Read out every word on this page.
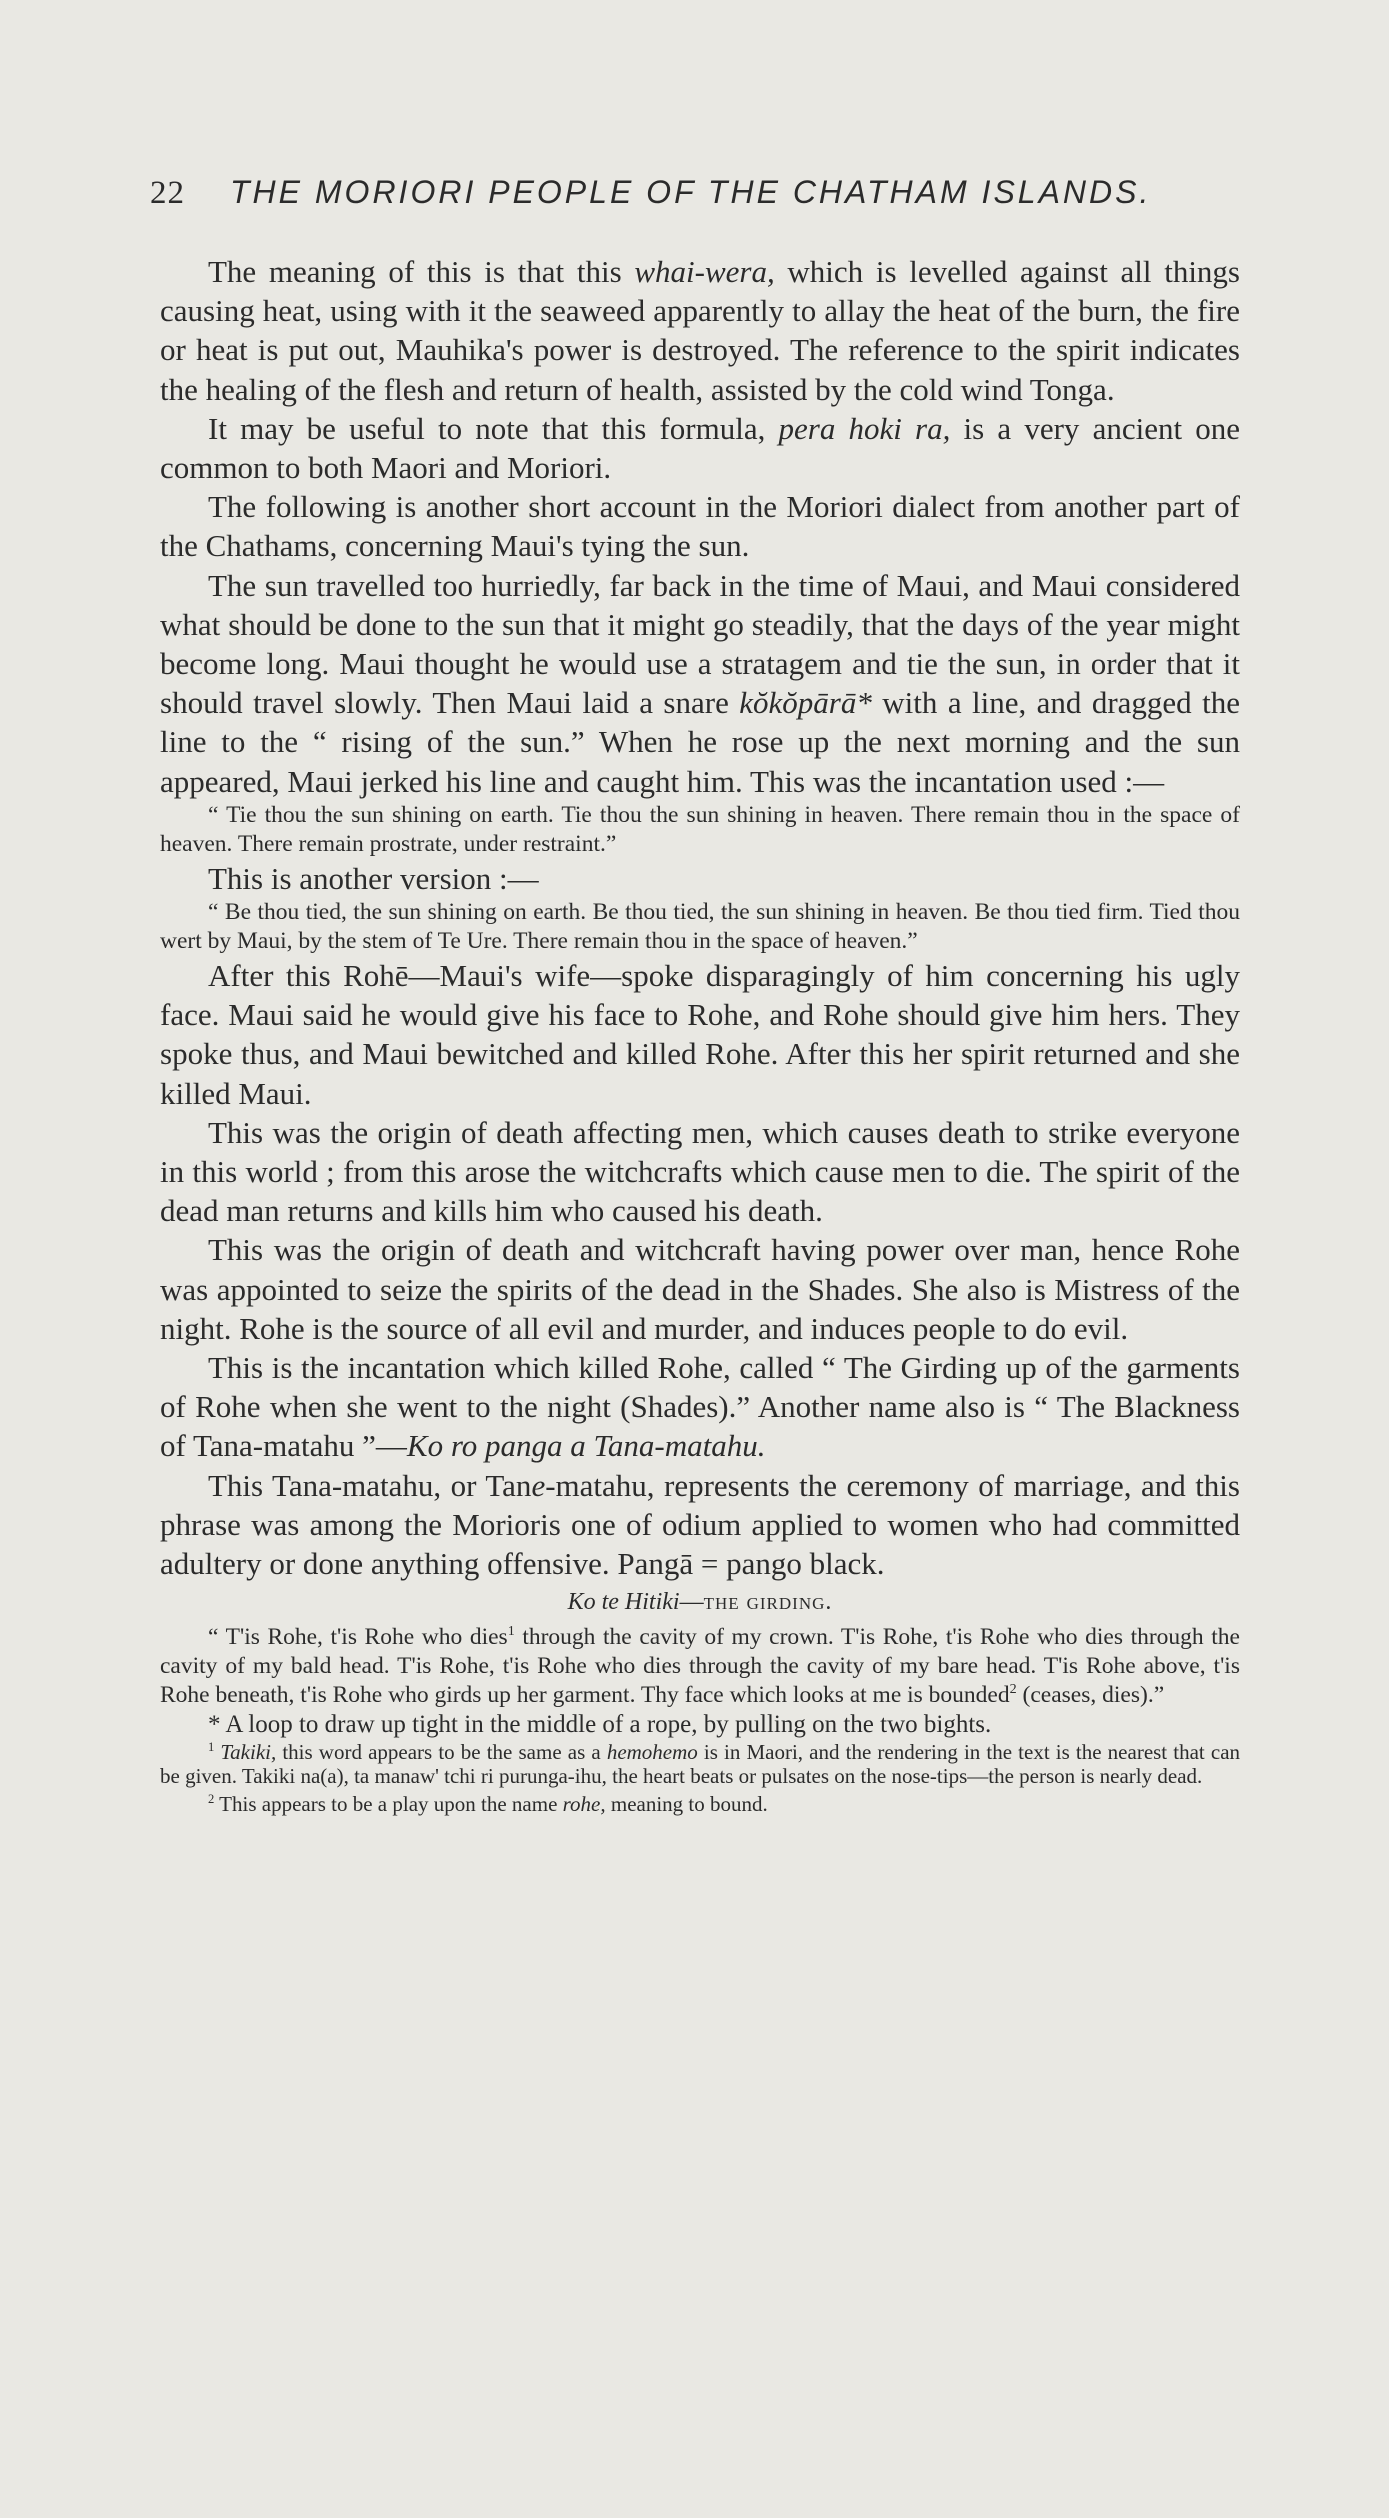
22 THE MORIORI PEOPLE OF THE CHATHAM ISLANDS.

The meaning of this is that this whai-wera, which is levelled against all things causing heat, using with it the seaweed apparently to allay the heat of the burn, the fire or heat is put out, Mauhika's power is destroyed. The reference to the spirit indicates the healing of the flesh and return of health, assisted by the cold wind Tonga.

It may be useful to note that this formula, pera hoki ra, is a very ancient one common to both Maori and Moriori.

The following is another short account in the Moriori dialect from another part of the Chathams, concerning Maui's tying the sun.

The sun travelled too hurriedly, far back in the time of Maui, and Maui considered what should be done to the sun that it might go steadily, that the days of the year might become long. Maui thought he would use a stratagem and tie the sun, in order that it should travel slowly. Then Maui laid a snare kŏkŏpārā* with a line, and dragged the line to the “ rising of the sun.” When he rose up the next morning and the sun appeared, Maui jerked his line and caught him. This was the incantation used :—

“ Tie thou the sun shining on earth. Tie thou the sun shining in heaven. There remain thou in the space of heaven. There remain prostrate, under restraint.”

This is another version :—

“ Be thou tied, the sun shining on earth. Be thou tied, the sun shining in heaven. Be thou tied firm. Tied thou wert by Maui, by the stem of Te Ure. There remain thou in the space of heaven.”

After this Rohē—Maui's wife—spoke disparagingly of him concerning his ugly face. Maui said he would give his face to Rohe, and Rohe should give him hers. They spoke thus, and Maui bewitched and killed Rohe. After this her spirit returned and she killed Maui.

This was the origin of death affecting men, which causes death to strike everyone in this world ; from this arose the witchcrafts which cause men to die. The spirit of the dead man returns and kills him who caused his death.

This was the origin of death and witchcraft having power over man, hence Rohe was appointed to seize the spirits of the dead in the Shades. She also is Mistress of the night. Rohe is the source of all evil and murder, and induces people to do evil.

This is the incantation which killed Rohe, called “ The Girding up of the garments of Rohe when she went to the night (Shades).” Another name also is “ The Blackness of Tana-matahu ”—Ko ro panga a Tana-matahu.

This Tana-matahu, or Tane-matahu, represents the ceremony of marriage, and this phrase was among the Morioris one of odium applied to women who had committed adultery or done anything offensive. Pangā = pango black.

Ko te Hitiki—the girding.

“ T'is Rohe, t'is Rohe who dies$^1$ through the cavity of my crown. T'is Rohe, t'is Rohe who dies through the cavity of my bald head. T'is Rohe, t'is Rohe who dies through the cavity of my bare head. T'is Rohe above, t'is Rohe beneath, t'is Rohe who girds up her garment. Thy face which looks at me is bounded$^2$ (ceases, dies).”

* A loop to draw up tight in the middle of a rope, by pulling on the two bights.

$^1$ Takiki, this word appears to be the same as a hemohemo is in Maori, and the rendering in the text is the nearest that can be given. Takiki na(a), ta manaw' tchi ri purunga-ihu, the heart beats or pulsates on the nose-tips—the person is nearly dead.

$^2$ This appears to be a play upon the name rohe, meaning to bound.
